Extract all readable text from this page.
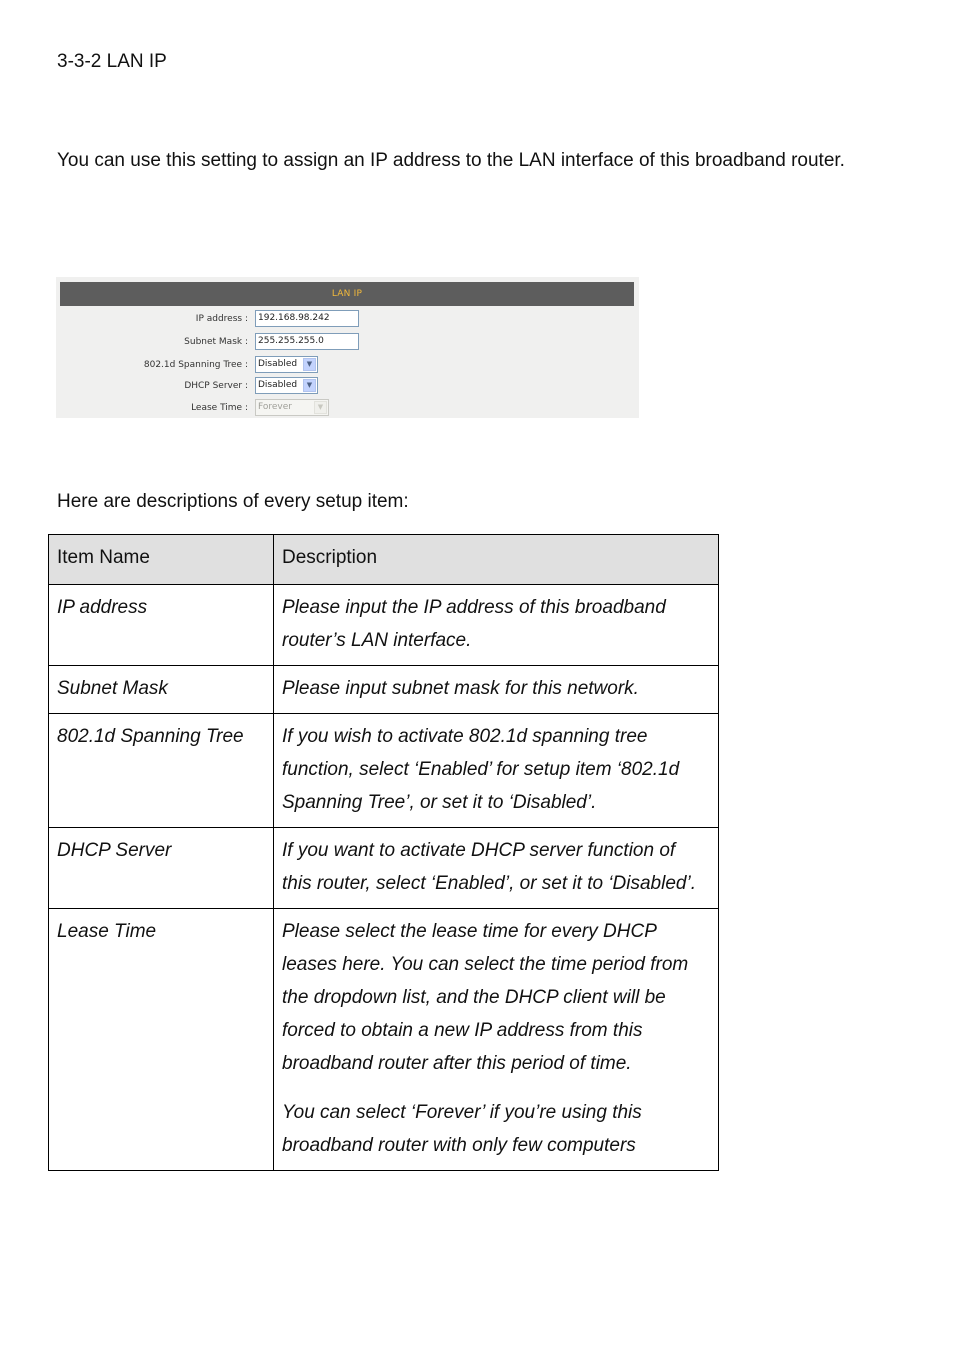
3-3-2 LAN IP
You can use this setting to assign an IP address to the LAN interface of this broadband router.
LAN IP
IP address :	192.168.98.242
Subnet Mask :	255.255.255.0
802.1d Spanning Tree :	Disabled	▼
DHCP Server :	Disabled	▼
Lease Time :	Forever	▼
Here are descriptions of every setup item:
Item Name	Description
IP address	Please input the IP address of this broadband router’s LAN interface.

Subnet Mask	Please input subnet mask for this network.

802.1d Spanning Tree	If you wish to activate 802.1d spanning tree function, select ‘Enabled’ for setup item ‘802.1d Spanning Tree’, or set it to ‘Disabled’.

DHCP Server	If you want to activate DHCP server function of this router, select ‘Enabled’, or set it to ‘Disabled’.

Lease Time	Please select the lease time for every DHCP leases here. You can select the time period from the dropdown list, and the DHCP client will be forced to obtain a new IP address from this broadband router after this period of time.

You can select ‘Forever’ if you’re using this broadband router with only few computers
